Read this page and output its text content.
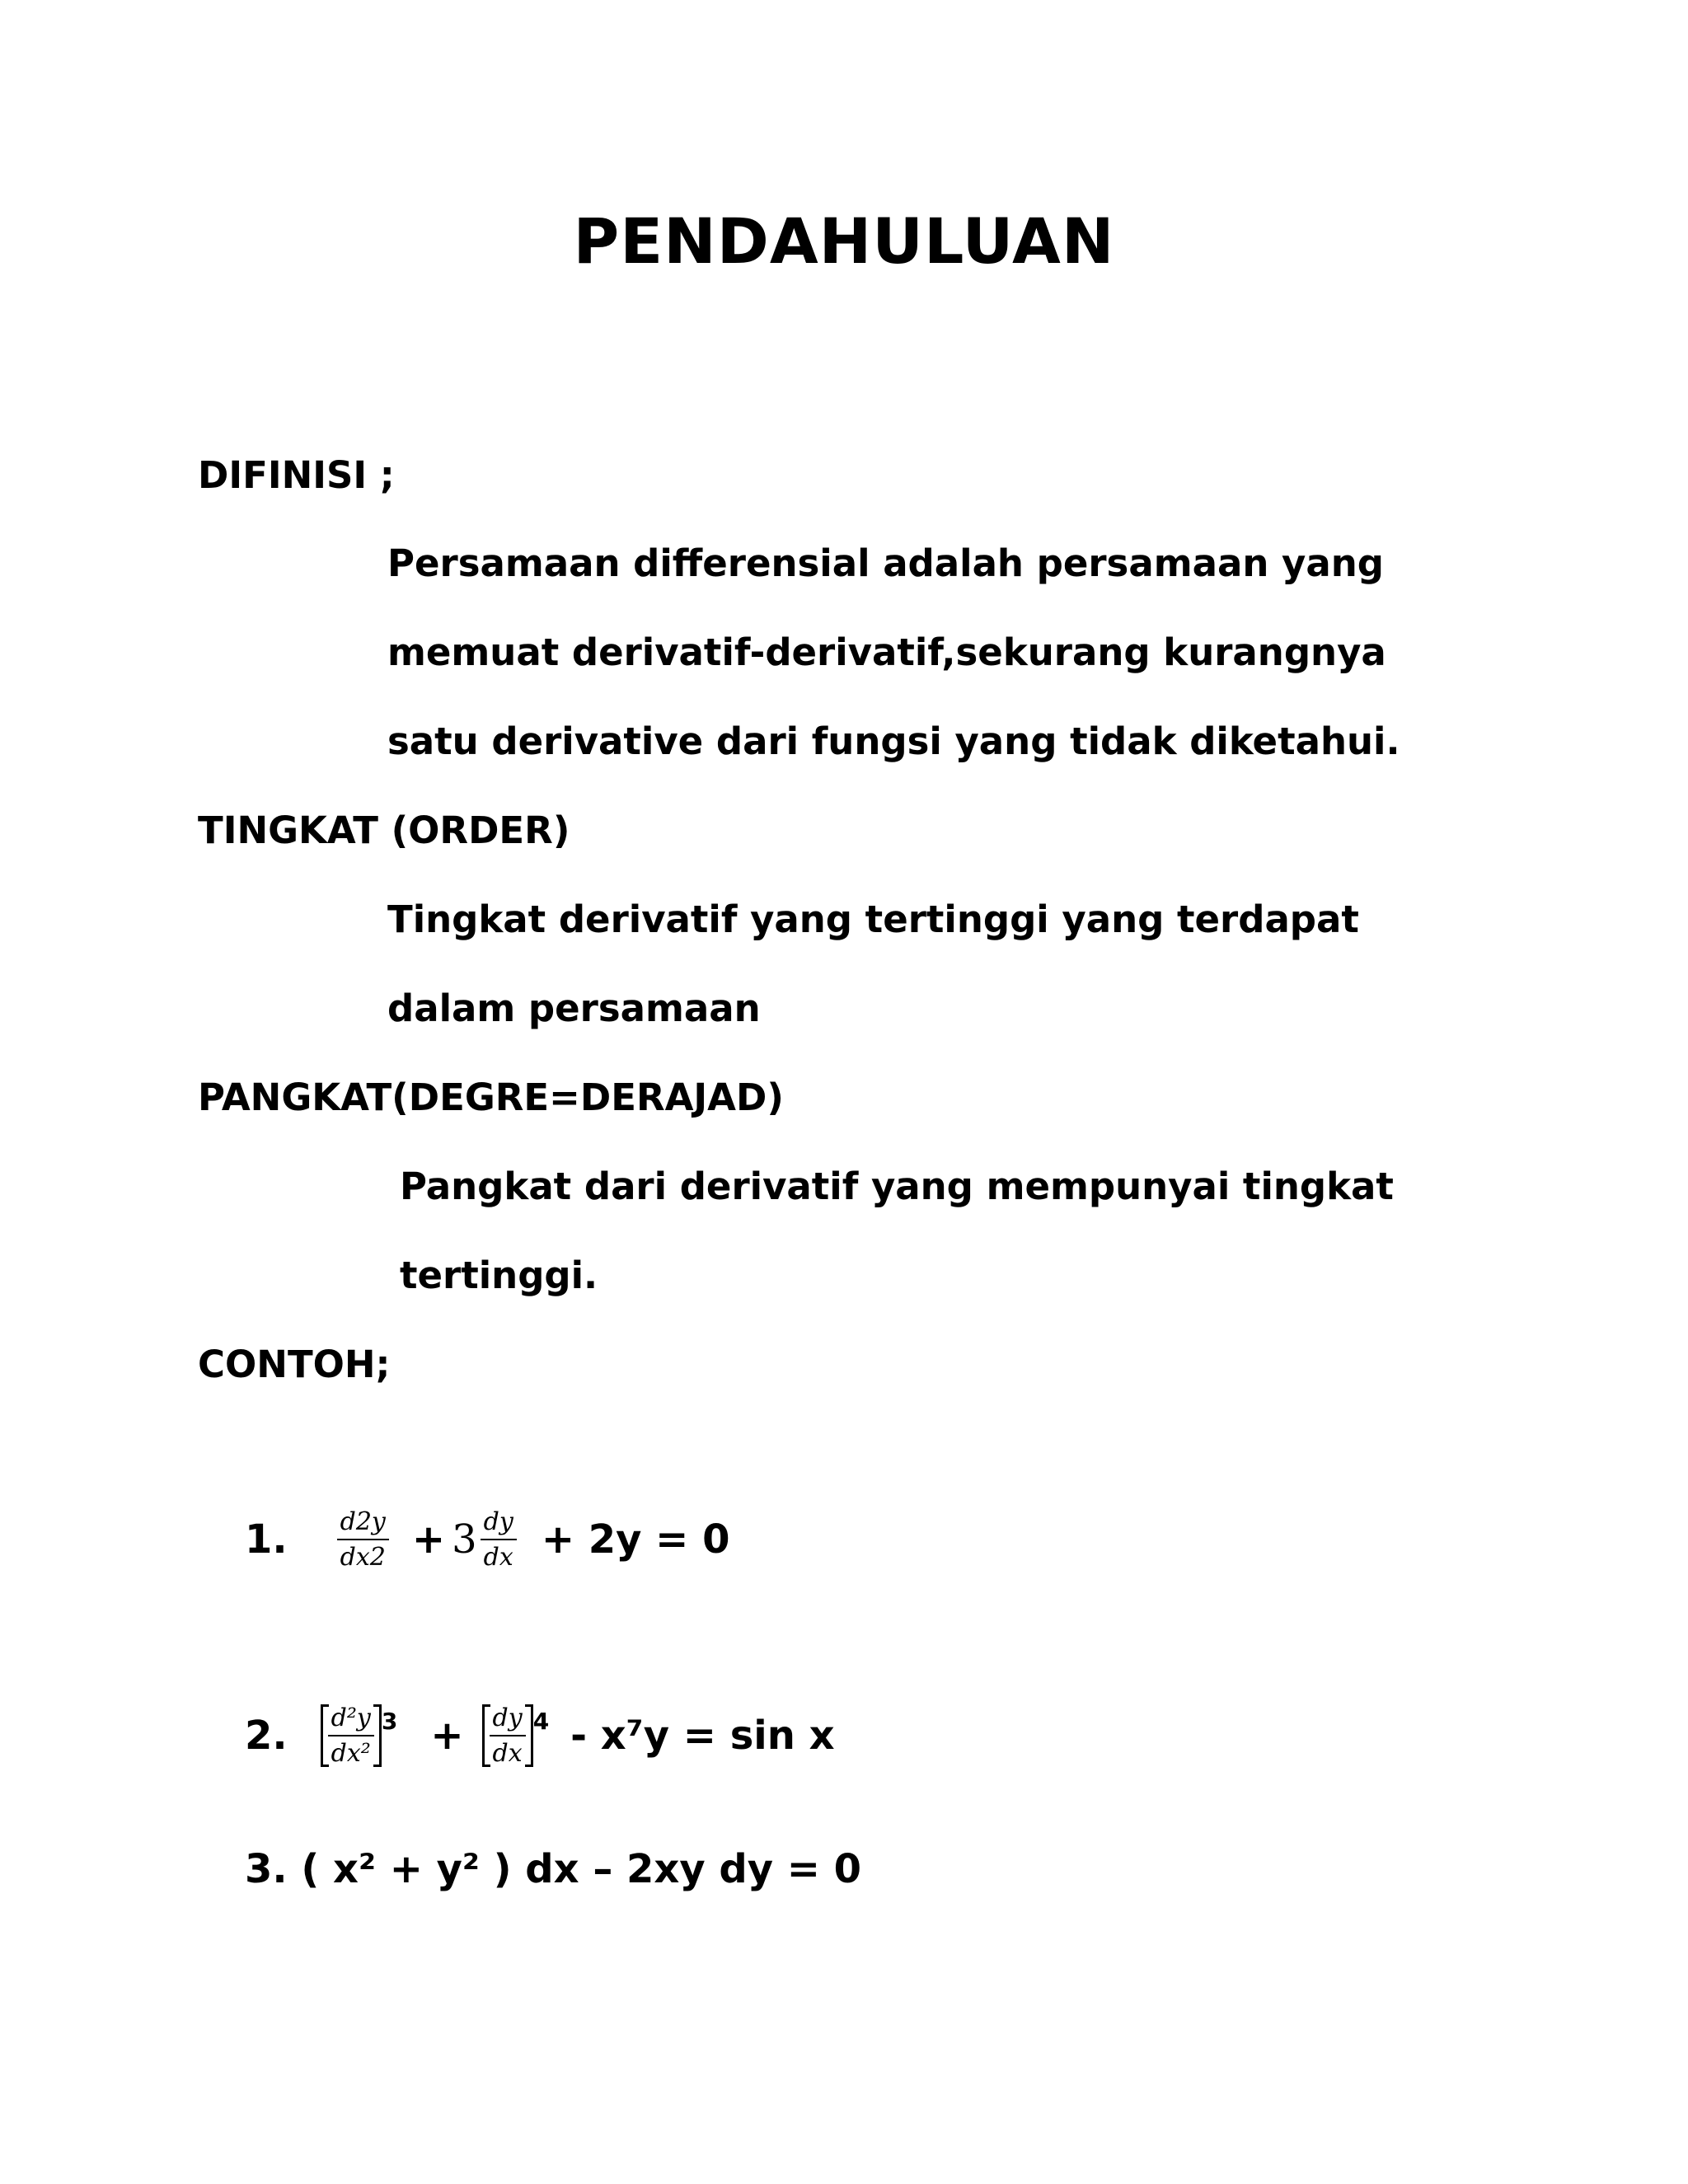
PENDAHULUAN
DIFINISI ;
Persamaan differensial adalah persamaan yang
memuat derivatif-derivatif,sekurang kurangnya
satu derivative dari fungsi yang tidak diketahui.
TINGKAT (ORDER)
Tingkat derivatif yang tertinggi yang terdapat
dalam persamaan
PANGKAT(DEGRE=DERAJAD)
Pangkat dari derivatif yang mempunyai tingkat
tertinggi.
CONTOH;
1. $\frac{d2y}{dx2} + 3 \frac{dy}{dx} + 2y = 0$
2. $\frac{\text{d²y}}{\text{dx²}} 3 + \frac{dy}{dx} 4 - x^7y = \sin x$
3. ( x² + y² ) dx – 2xy dy = 0
